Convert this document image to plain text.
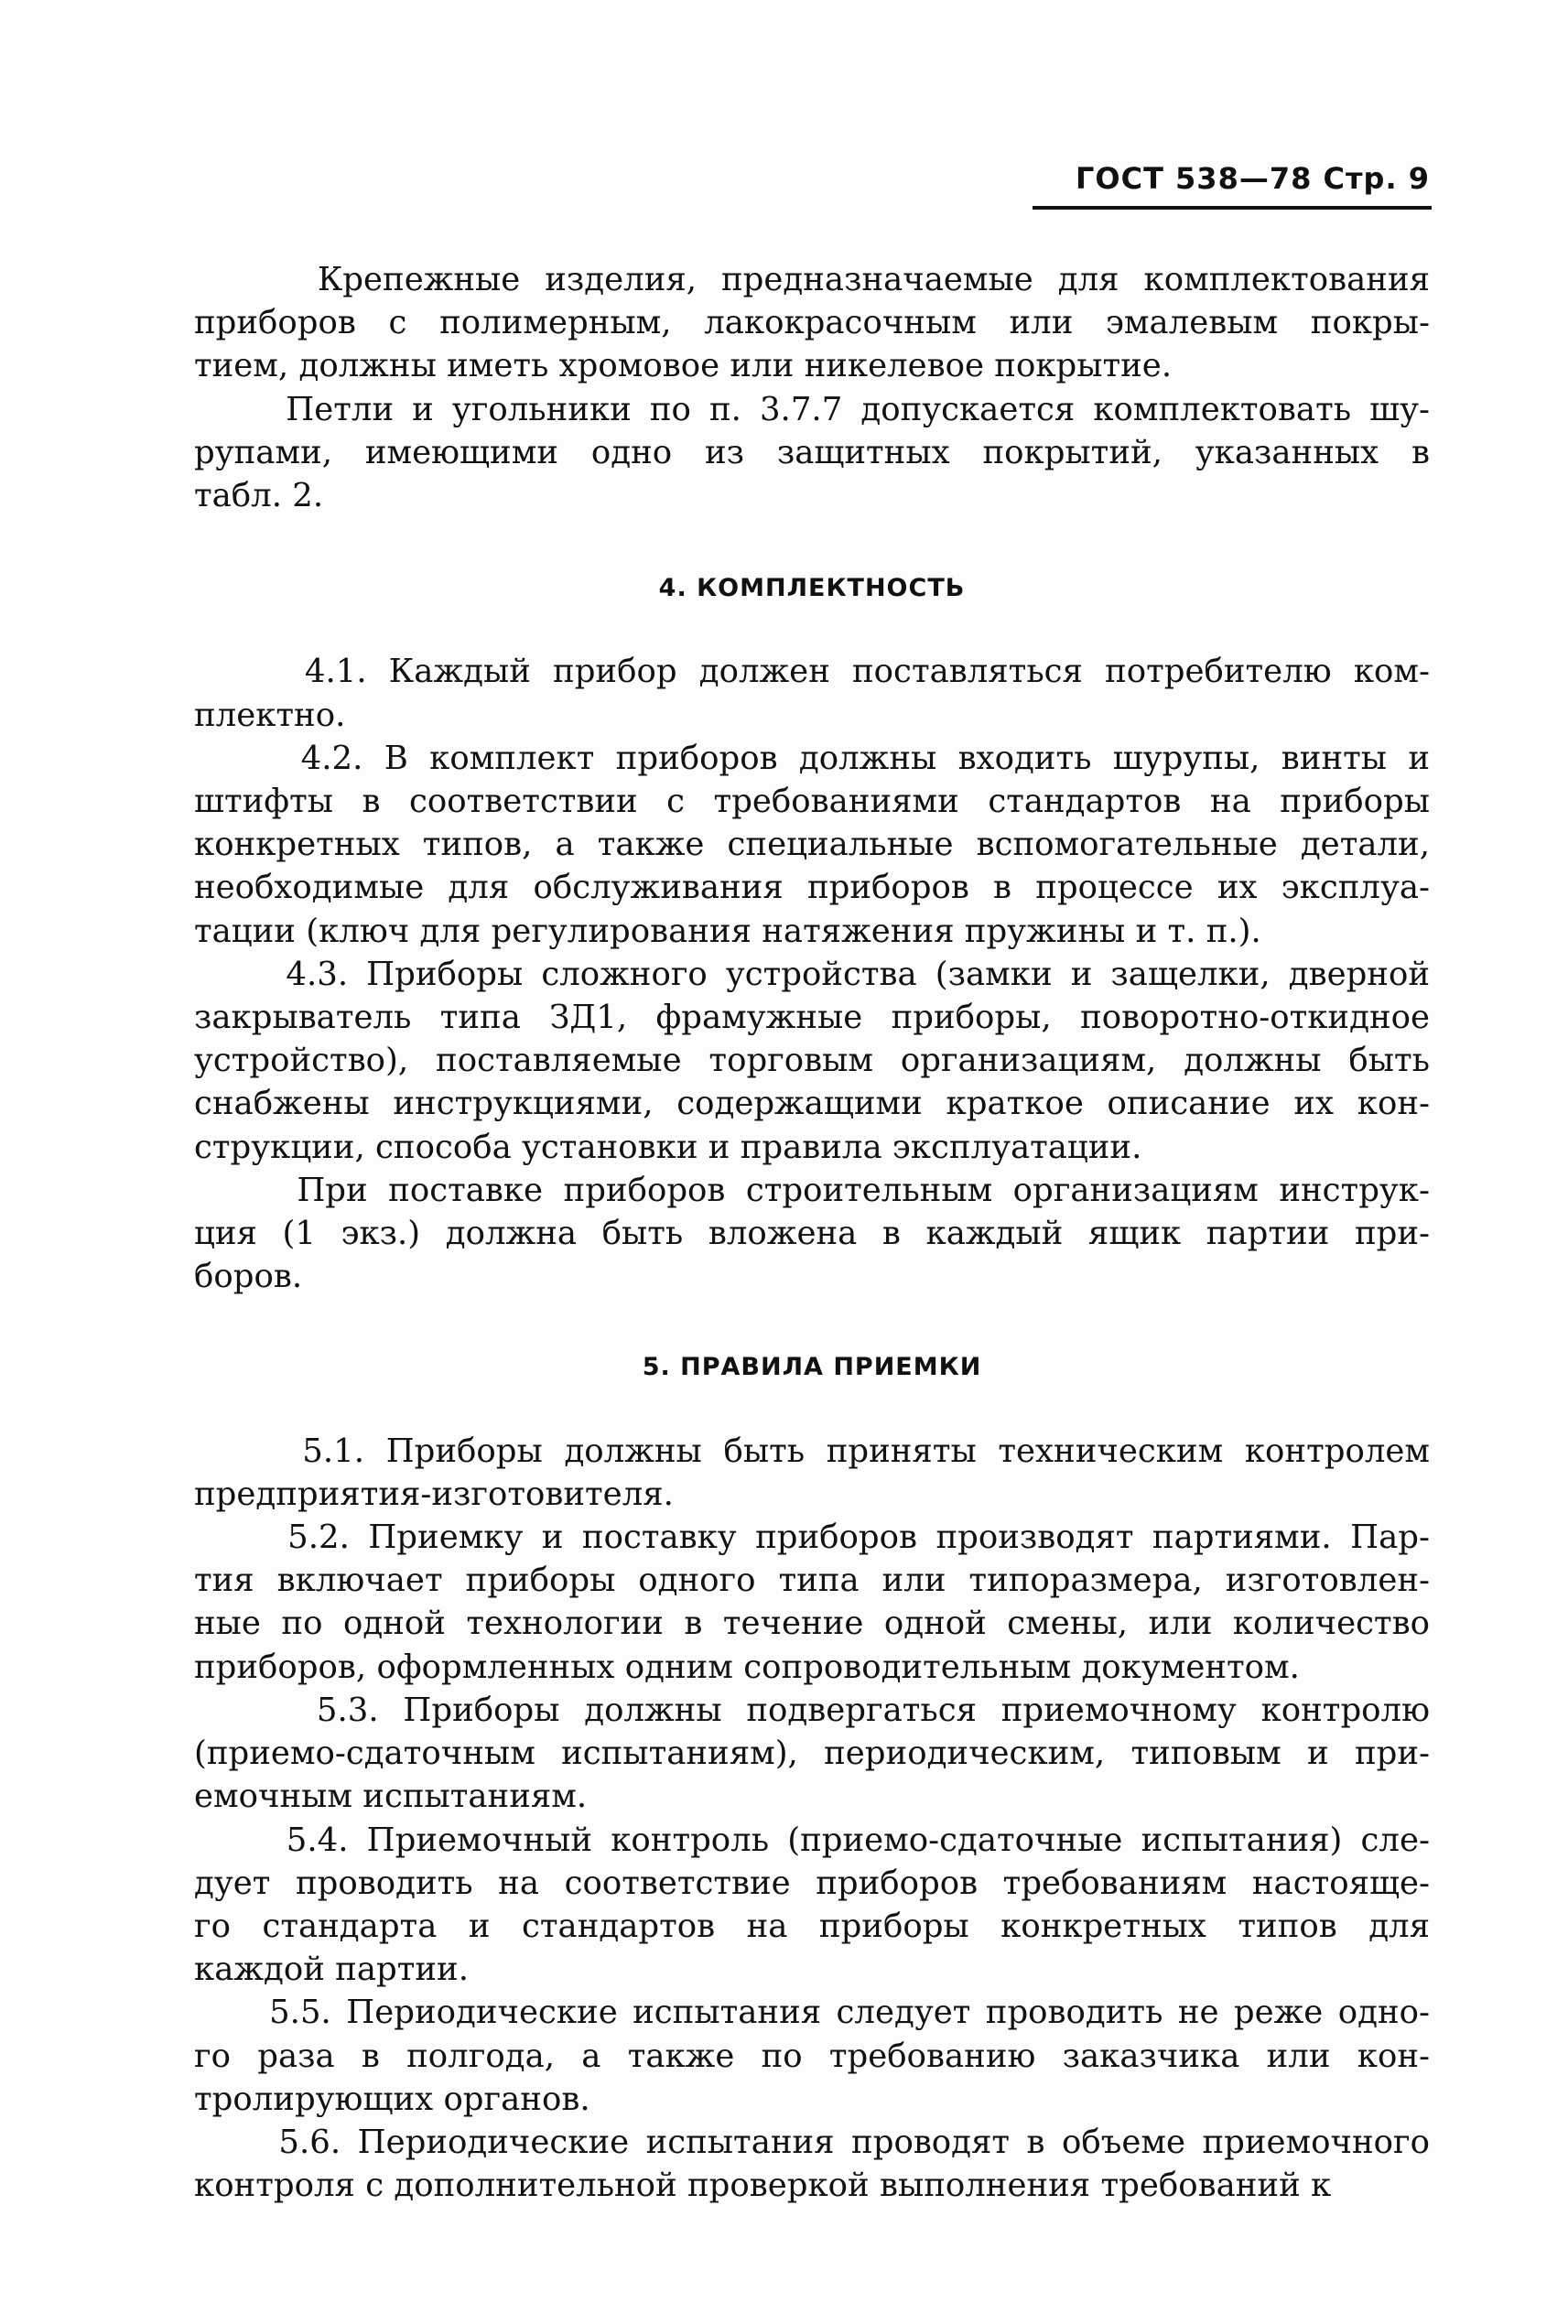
ГОСТ 538—78 Стр. 9

Крепежные изделия, предназначаемые для комплектования
приборов с полимерным, лакокрасочным или эмалевым покры-
тием, должны иметь хромовое или никелевое покрытие.

Петли и угольники по п. 3.7.7 допускается комплектовать шу-
рупами, имеющими одно из защитных покрытий, указанных в
табл. 2.

4. КОМПЛЕКТНОСТЬ

4.1. Каждый прибор должен поставляться потребителю ком-
плектно.

4.2. В комплект приборов должны входить шурупы, винты и
штифты в соответствии с требованиями стандартов на приборы
конкретных типов, а также специальные вспомогательные детали,
необходимые для обслуживания приборов в процессе их эксплуа-
тации (ключ для регулирования натяжения пружины и т. п.).

4.3. Приборы сложного устройства (замки и защелки, дверной
закрыватель типа ЗД1, фрамужные приборы, поворотно-откидное
устройство), поставляемые торговым организациям, должны быть
снабжены инструкциями, содержащими краткое описание их кон-
струкции, способа установки и правила эксплуатации.

При поставке приборов строительным организациям инструк-
ция (1 экз.) должна быть вложена в каждый ящик партии при-
боров.

5. ПРАВИЛА ПРИЕМКИ

5.1. Приборы должны быть приняты техническим контролем
предприятия-изготовителя.

5.2. Приемку и поставку приборов производят партиями. Пар-
тия включает приборы одного типа или типоразмера, изготовлен-
ные по одной технологии в течение одной смены, или количество
приборов, оформленных одним сопроводительным документом.

5.3. Приборы должны подвергаться приемочному контролю
(приемо-сдаточным испытаниям), периодическим, типовым и при-
емочным испытаниям.

5.4. Приемочный контроль (приемо-сдаточные испытания) сле-
дует проводить на соответствие приборов требованиям настояще-
го стандарта и стандартов на приборы конкретных типов для
каждой партии.

5.5. Периодические испытания следует проводить не реже одно-
го раза в полгода, а также по требованию заказчика или кон-
тролирующих органов.

5.6. Периодические испытания проводят в объеме приемочного
контроля с дополнительной проверкой выполнения требований к
